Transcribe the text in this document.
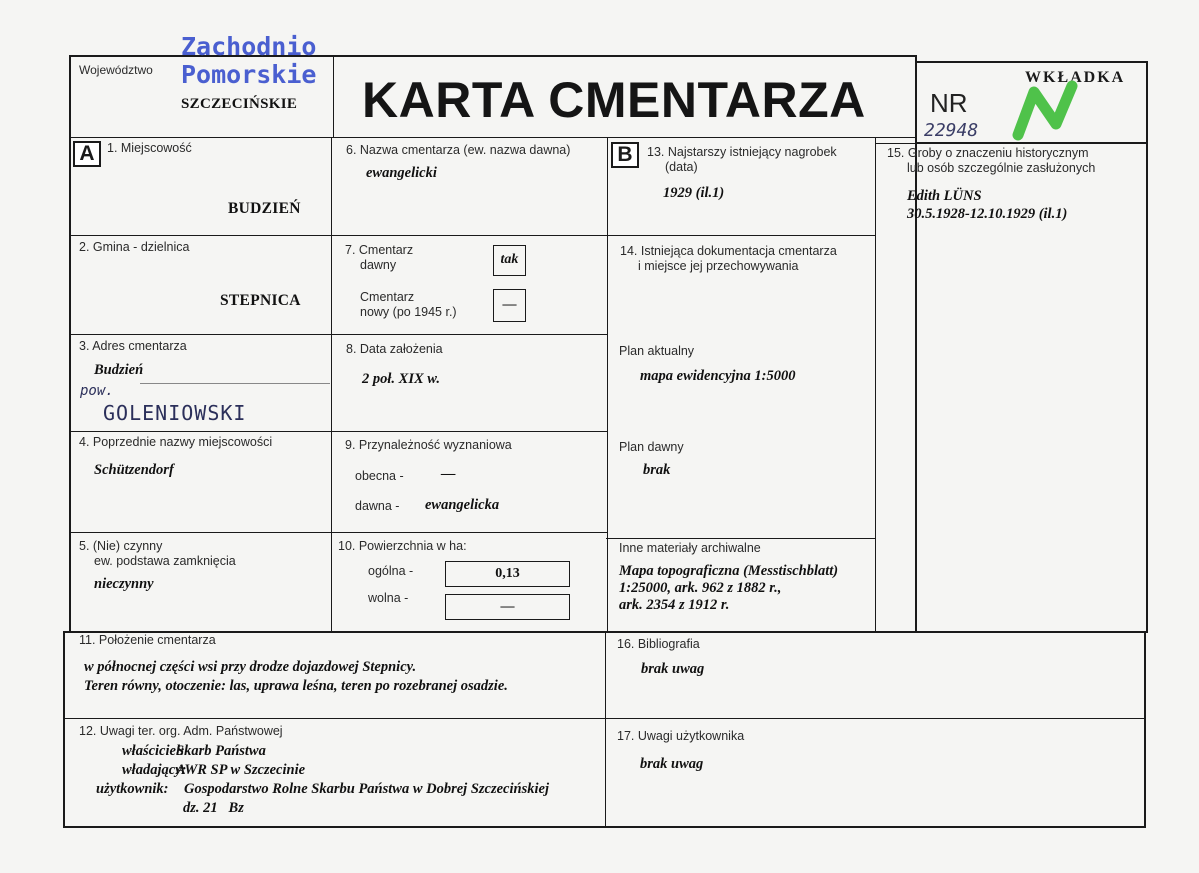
Województwo
Zachodnio
Pomorskie
SZCZECIŃSKIE KARTA CMENTARZA NR
WKŁADKA
22948
A	B
1. Miejscowość
BUDZIEŃ
2. Gmina - dzielnica
STEPNICA
3. Adres cmentarza
Budzień
pow.
GOLENIOWSKI
4. Poprzednie nazwy miejscowości
Schützendorf
5. (Nie) czynny
ew. podstawa zamknięcia
nieczynny
6. Nazwa cmentarza (ew. nazwa dawna)
ewangelicki
7. Cmentarz
dawny	tak
Cmentarz
nowy (po 1945 r.)	—
8. Data założenia
2 poł. XIX w.
9. Przynależność wyznaniowa
obecna -	—
dawna - ewangelicka
10. Powierzchnia w ha:
ogólna -	0,13
wolna -
—
11. Położenie cmentarza
w północnej części wsi przy drodze dojazdowej Stepnicy.
Teren równy, otoczenie: las, uprawa leśna, teren po rozebranej osadzie.
12. Uwagi ter. org. Adm. Państwowej
właściciel:
Skarb Państwa
władający:
AWR SP w Szczecinie
użytkownik: Gospodarstwo Rolne Skarbu Państwa w Dobrej Szczecińskiej
dz. 21   Bz
13. Najstarszy istniejący nagrobek
(data)
1929 (il.1)
14. Istniejąca dokumentacja cmentarza
i miejsce jej przechowywania
Plan aktualny
mapa ewidencyjna 1:5000
Plan dawny
brak
Inne materiały archiwalne
Mapa topograficzna (Messtischblatt)
1:25000, ark. 962 z 1882 r.,
ark. 2354 z 1912 r.
15. Groby o znaczeniu historycznym
lub osób szczególnie zasłużonych
Edith LÜNS
30.5.1928-12.10.1929 (il.1)
16. Bibliografia
brak uwag
17. Uwagi użytkownika
brak uwag
